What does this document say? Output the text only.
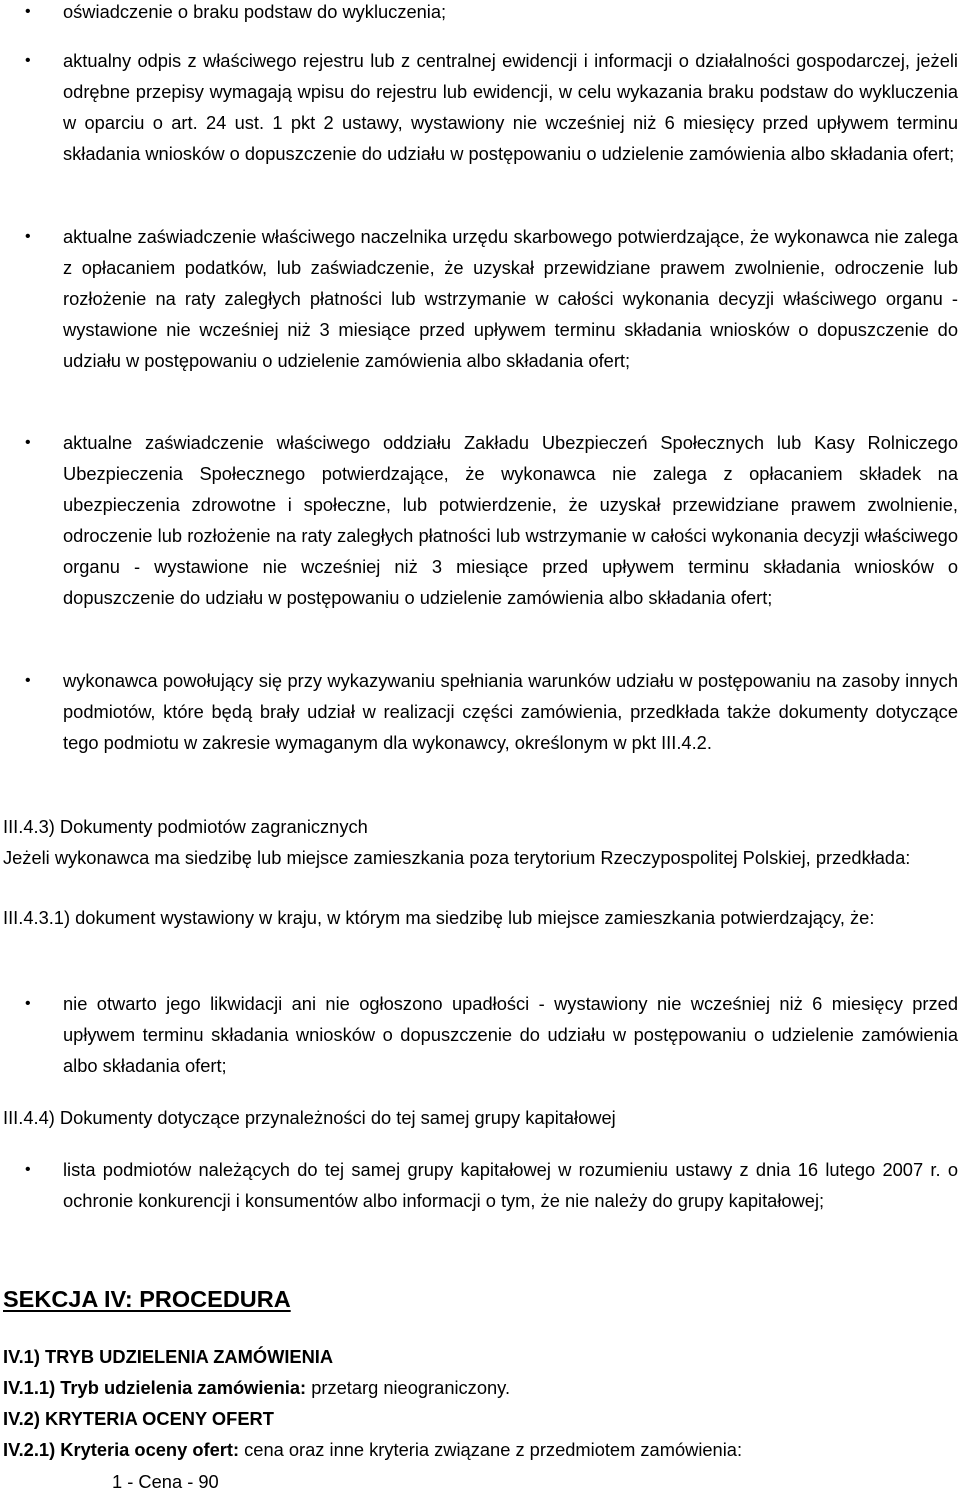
• oświadczenie o braku podstaw do wykluczenia;
• aktualny odpis z właściwego rejestru lub z centralnej ewidencji i informacji o działalności gospodarczej, jeżeli odrębne przepisy wymagają wpisu do rejestru lub ewidencji, w celu wykazania braku podstaw do wykluczenia w oparciu o art. 24 ust. 1 pkt 2 ustawy, wystawiony nie wcześniej niż 6 miesięcy przed upływem terminu składania wniosków o dopuszczenie do udziału w postępowaniu o udzielenie zamówienia albo składania ofert;
• aktualne zaświadczenie właściwego naczelnika urzędu skarbowego potwierdzające, że wykonawca nie zalega z opłacaniem podatków, lub zaświadczenie, że uzyskał przewidziane prawem zwolnienie, odroczenie lub rozłożenie na raty zaległych płatności lub wstrzymanie w całości wykonania decyzji właściwego organu - wystawione nie wcześniej niż 3 miesiące przed upływem terminu składania wniosków o dopuszczenie do udziału w postępowaniu o udzielenie zamówienia albo składania ofert;
• aktualne zaświadczenie właściwego oddziału Zakładu Ubezpieczeń Społecznych lub Kasy Rolniczego Ubezpieczenia Społecznego potwierdzające, że wykonawca nie zalega z opłacaniem składek na ubezpieczenia zdrowotne i społeczne, lub potwierdzenie, że uzyskał przewidziane prawem zwolnienie, odroczenie lub rozłożenie na raty zaległych płatności lub wstrzymanie w całości wykonania decyzji właściwego organu - wystawione nie wcześniej niż 3 miesiące przed upływem terminu składania wniosków o dopuszczenie do udziału w postępowaniu o udzielenie zamówienia albo składania ofert;
• wykonawca powołujący się przy wykazywaniu spełniania warunków udziału w postępowaniu na zasoby innych podmiotów, które będą brały udział w realizacji części zamówienia, przedkłada także dokumenty dotyczące tego podmiotu w zakresie wymaganym dla wykonawcy, określonym w pkt III.4.2.
III.4.3) Dokumenty podmiotów zagranicznych
Jeżeli wykonawca ma siedzibę lub miejsce zamieszkania poza terytorium Rzeczypospolitej Polskiej, przedkłada:
III.4.3.1) dokument wystawiony w kraju, w którym ma siedzibę lub miejsce zamieszkania potwierdzający, że:
• nie otwarto jego likwidacji ani nie ogłoszono upadłości - wystawiony nie wcześniej niż 6 miesięcy przed upływem terminu składania wniosków o dopuszczenie do udziału w postępowaniu o udzielenie zamówienia albo składania ofert;
III.4.4) Dokumenty dotyczące przynależności do tej samej grupy kapitałowej
• lista podmiotów należących do tej samej grupy kapitałowej w rozumieniu ustawy z dnia 16 lutego 2007 r. o ochronie konkurencji i konsumentów albo informacji o tym, że nie należy do grupy kapitałowej;
SEKCJA IV: PROCEDURA
IV.1) TRYB UDZIELENIA ZAMÓWIENIA
IV.1.1) Tryb udzielenia zamówienia: przetarg nieograniczony.
IV.2) KRYTERIA OCENY OFERT
IV.2.1) Kryteria oceny ofert: cena oraz inne kryteria związane z przedmiotem zamówienia:
1 - Cena - 90
